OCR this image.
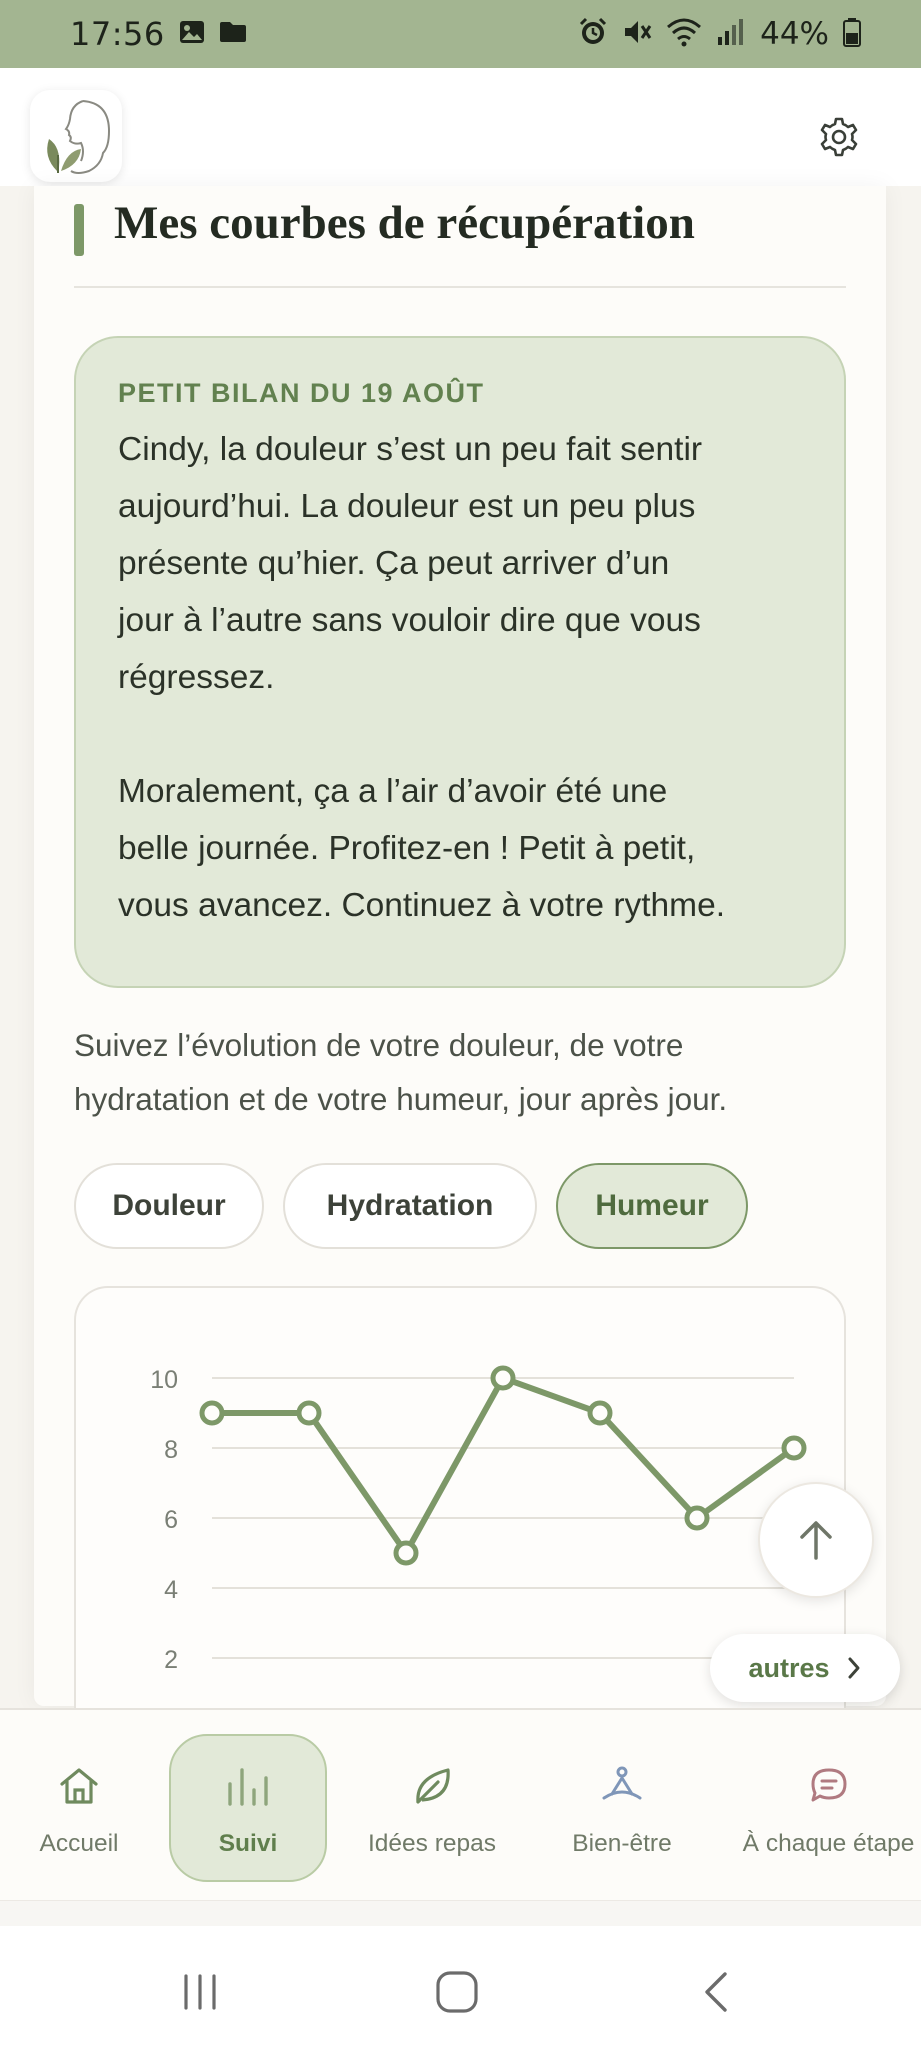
17:56	44%
Mes courbes de récupération
PETIT BILAN DU 19 AOÛT
Cindy, la douleur s’est un peu fait sentir
aujourd’hui. La douleur est un peu plus
présente qu’hier. Ça peut arriver d’un
jour à l’autre sans vouloir dire que vous
régressez.
Moralement, ça a l’air d’avoir été une
belle journée. Profitez-en ! Petit à petit,
vous avancez. Continuez à votre rythme.
Suivez l’évolution de votre douleur, de votre
hydratation et de votre humeur, jour après jour.
Douleur	Hydratation	Humeur
10
8
6
4
2	autres
Accueil	Suivi	Idées repas	Bien-être	À chaque étape
